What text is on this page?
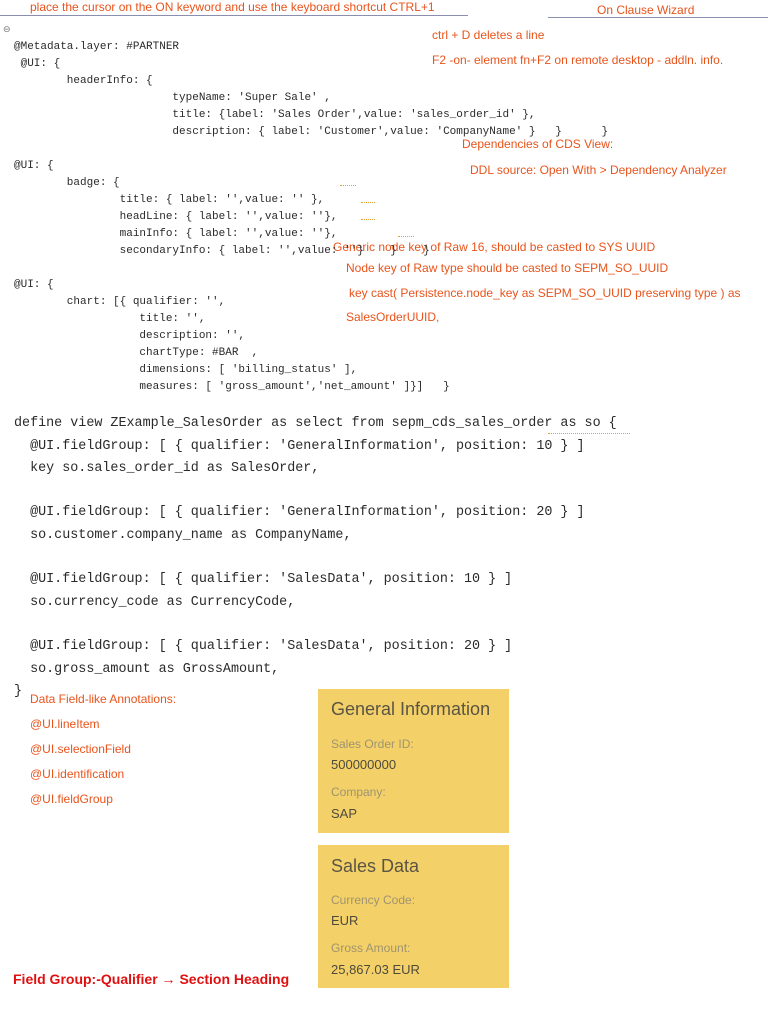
place the cursor on the ON keyword and use the keyboard shortcut CTRL+1	On Clause Wizard
ctrl + D deletes a line
F2 -on- element fn+F2 on remote desktop - addln. info.
Dependencies of CDS View:
DDL source: Open With > Dependency Analyzer
Generic node key of Raw 16, should be casted to SYS UUID
Node key of Raw type should be casted to SEPM_SO_UUID
key cast( Persistence.node_key as SEPM_SO_UUID preserving type ) as
SalesOrderUUID,
⊖

@Metadata.layer: #PARTNER
@UI: {
headerInfo: {
typeName: 'Super Sale' ,
title: {label: 'Sales Order',value: 'sales_order_id' },
description: { label: 'Customer',value: 'CompanyName' }   }      }

@UI: {
badge: {
title: { label: '',value: '' },
headLine: { label: '',value: ''},
mainInfo: { label: '',value: ''},
secondaryInfo: { label: '',value: ''}    }    }

@UI: {
chart: [{ qualifier: '',
title: '',
description: '',
chartType: #BAR  ,
dimensions: [ 'billing_status' ],
measures: [ 'gross_amount','net_amount' ]}]   }

define view ZExample_SalesOrder as select from sepm_cds_sales_order as so {
@UI.fieldGroup: [ { qualifier: 'GeneralInformation', position: 10 } ]
key so.sales_order_id as SalesOrder,

@UI.fieldGroup: [ { qualifier: 'GeneralInformation', position: 20 } ]
so.customer.company_name as CompanyName,

@UI.fieldGroup: [ { qualifier: 'SalesData', position: 10 } ]
so.currency_code as CurrencyCode,

@UI.fieldGroup: [ { qualifier: 'SalesData', position: 20 } ]
so.gross_amount as GrossAmount,
}

Data Field-like Annotations:
@UI.lineItem
@UI.selectionField
@UI.identification
@UI.fieldGroup
Field Group:-Qualifier → Section Heading
General Information
Sales Order ID:
500000000
Company:
SAP
Sales Data
Currency Code:
EUR
Gross Amount:
25,867.03 EUR
